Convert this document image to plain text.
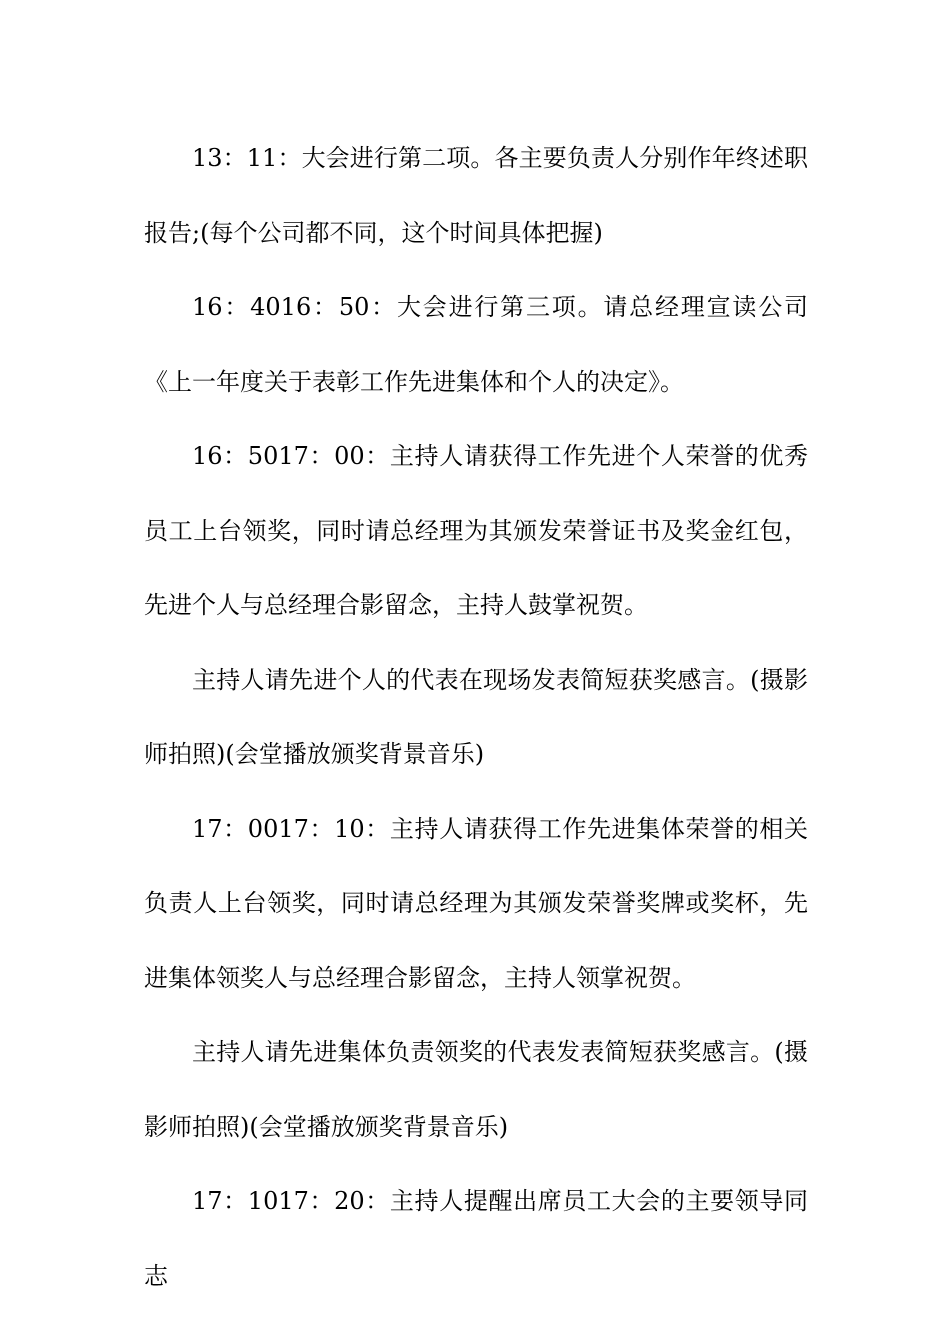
13：11：大会进行第二项。各主要负责人分别作年终述职报告;(每个公司都不同，这个时间具体把握)

16：4016：50：大会进行第三项。请总经理宣读公司《上一年度关于表彰工作先进集体和个人的决定》。

16：5017：00：主持人请获得工作先进个人荣誉的优秀员工上台领奖，同时请总经理为其颁发荣誉证书及奖金红包，先进个人与总经理合影留念，主持人鼓掌祝贺。

主持人请先进个人的代表在现场发表简短获奖感言。(摄影师拍照)(会堂播放颁奖背景音乐)

17：0017：10：主持人请获得工作先进集体荣誉的相关负责人上台领奖，同时请总经理为其颁发荣誉奖牌或奖杯，先进集体领奖人与总经理合影留念，主持人领掌祝贺。

主持人请先进集体负责领奖的代表发表简短获奖感言。(摄影师拍照)(会堂播放颁奖背景音乐)

17：1017：20：主持人提醒出席员工大会的主要领导同志
